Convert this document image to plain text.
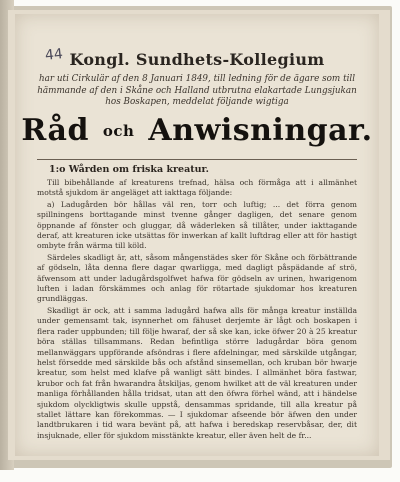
44 Kongl. Sundhets-Kollegium
har uti Cirkulär af den 8 Januari 1849, till ledning för de ägare som till hämmande af den i Skåne och Halland utbrutna elakartade Lungsjukan hos Boskapen, meddelat följande wigtiga
Råd och Anwisningar.
1:o Wården om friska kreatur.

Till bibehållande af kreaturens trefnad, hälsa och förmåga att i allmänhet motstå sjukdom är angeläget att iakttaga följande:

a) Ladugården bör hållas väl ren, torr och luftig; ... det förra genom spillningens borttagande minst tvenne gånger dagligen, det senare genom öppnande af fönster och gluggar, då wäderleken så tillåter, under iakttagande deraf, att kreaturen icke utsättas för inwerkan af kallt luftdrag eller att för hastigt ombyte från wärma till köld.

Särdeles skadligt är, att, såsom mångenstädes sker för Skåne och förbättrande af gödseln, låta denna flere dagar qwarligga, med dagligt påspädande af strö, äfwensom att under ladugårdsgolfwet hafwa för gödseln av urinen, hwarigenom luften i ladan förskämmes och anlag för rötartade sjukdomar hos kreaturen grundläggas.

Skadligt är ock, att i samma ladugård hafwa alls för många kreatur inställda under gemensamt tak, isynnerhet om fähuset derjemte är lågt och boskapen i flera rader uppbunden; till följe hwaraf, der så ske kan, icke öfwer 20 à 25 kreatur böra ställas tillsammans. Redan befintliga större ladugårdar böra genom mellanwäggars uppförande afsöndras i flere afdelningar, med särskilde utgångar, helst försedde med särskilde bås och afstånd sinsemellan, och kruban bör hwarje kreatur, som helst med klafve på wanligt sätt bindes. I allmänhet böra fastwar, krubor och fat från hwarandra åtskiljas, genom hwilket att de väl kreaturen under manliga förhållanden hålla tridsat, utan att den öfwra förhel wänd, att i händelse sjukdom olyckligtwis skulle uppstå, densammas spridande, till alla kreatur på stallet lättare kan förekommas. — I sjukdomar afseende bör äfwen den under landtbrukaren i tid wara bevänt på, att hafwa i beredskap reservbåsar, der, dit insjuknade, eller för sjukdom misstänkte kreatur, eller även helt de fr...
